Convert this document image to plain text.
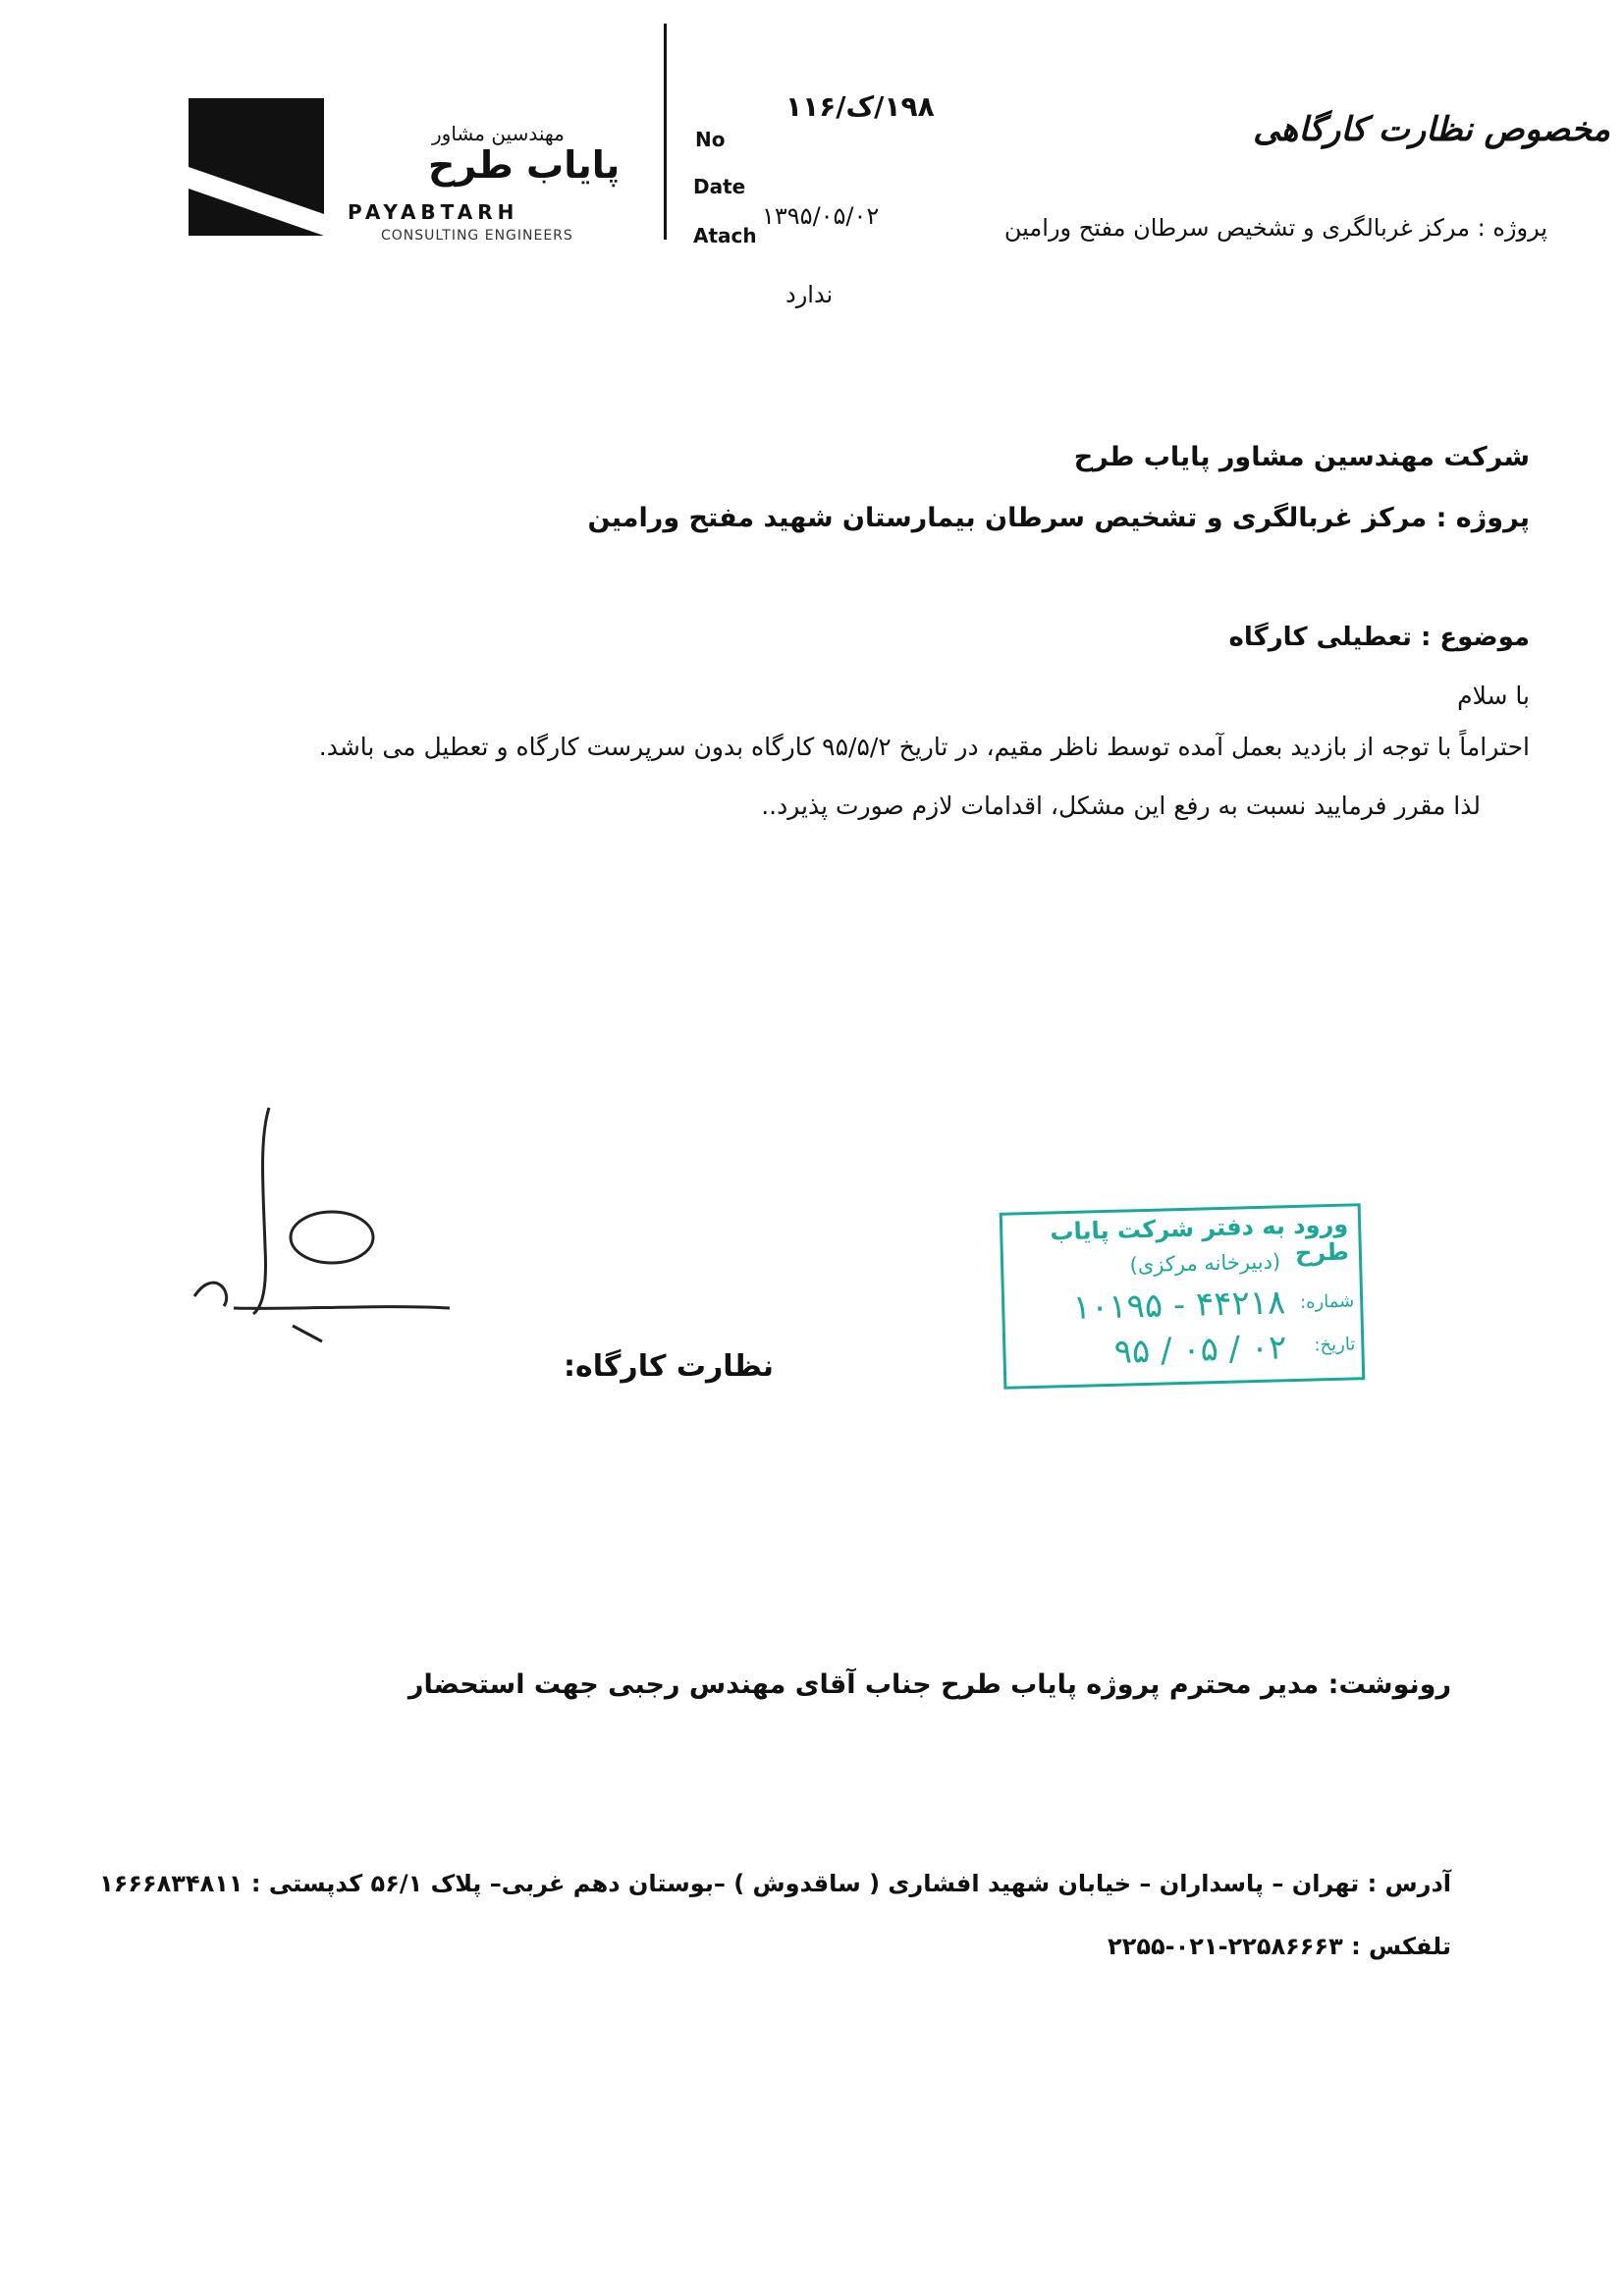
مهندسین مشاور
پایاب طرح
PAYABTARH
CONSULTING ENGINEERS
No
Date
Atach
۱۹۸/ک/۱۱۶
۱۳۹۵/۰۵/۰۲
ندارد
مخصوص نظارت کارگاهی
پروژه : مرکز غربالگری و تشخیص سرطان مفتح ورامین
شرکت مهندسین مشاور پایاب طرح
پروژه : مرکز غربالگری و تشخیص سرطان بیمارستان شهید مفتح ورامین
موضوع : تعطیلی کارگاه
با سلام
احتراماً با توجه از بازدید بعمل آمده توسط ناظر مقیم، در تاریخ ۹۵/۵/۲ کارگاه بدون سرپرست کارگاه و تعطیل می باشد.
لذا مقرر فرمایید نسبت به رفع این مشکل، اقدامات لازم صورت پذیرد..
نظارت کارگاه:
ورود به دفتر شرکت پایاب طرح
(دبیرخانه مرکزی)
شماره:
۱۰۱۹۵ - ۴۴۲۱۸
تاریخ:
۹۵ / ۰۵ / ۰۲
رونوشت: مدیر محترم پروژه پایاب طرح جناب آقای مهندس رجبی جهت استحضار
آدرس : تهران – پاسداران – خیابان شهید افشاری ( ساقدوش ) –بوستان دهم غربی– پلاک ۵۶/۱ کدپستی : ۱۶۶۶۸۳۴۸۱۱
تلفکس : ۲۲۵۸۶۶۶۳-۰۲۱-۲۲۵۵
